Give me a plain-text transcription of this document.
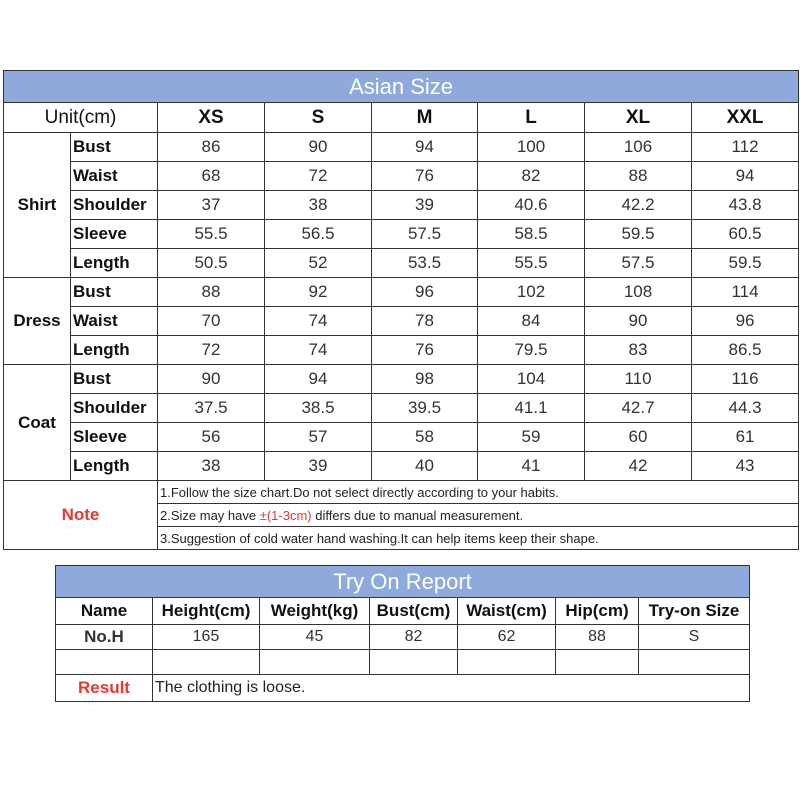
Asian Size							
Unit(cm)		XS	S	M	L	XL	XXL
Shirt	Bust	86	90	94	100	106	112
	Waist	68	72	76	82	88	94
	Shoulder	37	38	39	40.6	42.2	43.8
	Sleeve	55.5	56.5	57.5	58.5	59.5	60.5
	Length	50.5	52	53.5	55.5	57.5	59.5
Dress	Bust	88	92	96	102	108	114
	Waist	70	74	78	84	90	96
	Length	72	74	76	79.5	83	86.5
Coat	Bust	90	94	98	104	110	116
	Shoulder	37.5	38.5	39.5	41.1	42.7	44.3
	Sleeve	56	57	58	59	60	61
	Length	38	39	40	41	42	43
Note		1.Follow the size chart.Do not select directly according to your habits.					
		2.Size may have ±(1-3cm) differs due to manual measurement.					
		3.Suggestion of cold water hand washing.It can help items keep their shape.					
Try On Report						
Name	Height(cm)	Weight(kg)	Bust(cm)	Waist(cm)	Hip(cm)	Try-on Size
No.H	165	45	82	62	88	S

Result	The clothing is loose.					
